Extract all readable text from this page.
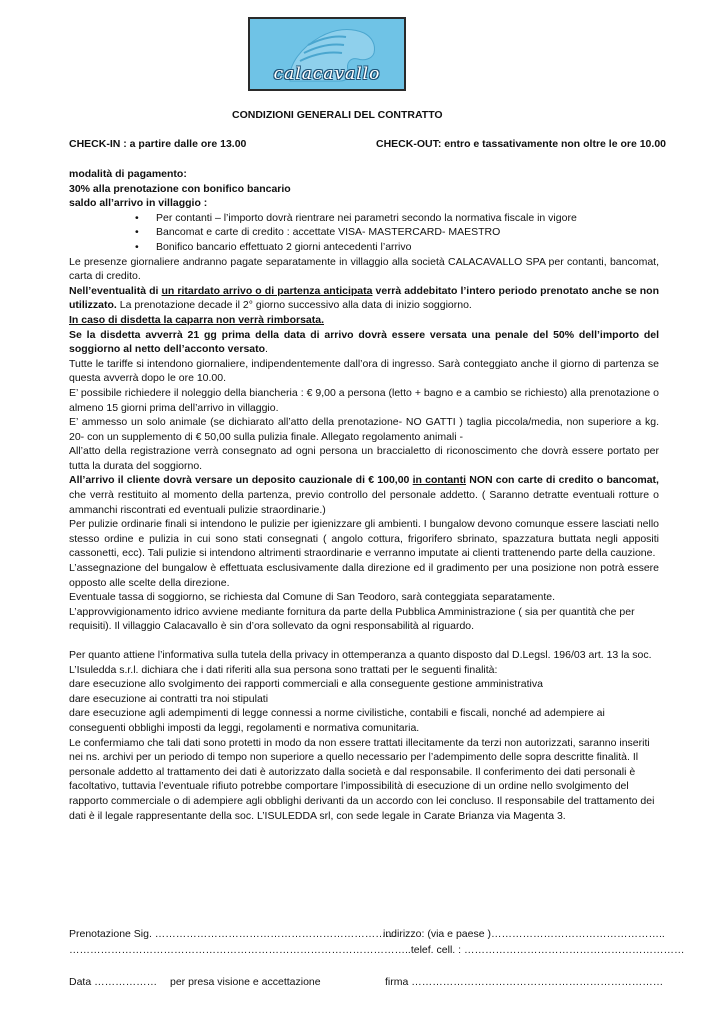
calacavallo
CONDIZIONI GENERALI DEL CONTRATTO
CHECK-IN : a partire dalle ore 13.00	CHECK-OUT: entro e tassativamente non oltre le ore 10.00

modalità di pagamento:

30% alla prenotazione con bonifico bancario

saldo all’arrivo in villaggio :

• Per contanti – l’importo dovrà rientrare nei parametri secondo la normativa fiscale in vigore
• Bancomat e carte di credito : accettate VISA- MASTERCARD- MAESTRO
• Bonifico bancario effettuato 2 giorni antecedenti l’arrivo

Le presenze giornaliere andranno pagate separatamente in villaggio alla società CALACAVALLO SPA per contanti, bancomat, carta di credito.

Nell’eventualità di un ritardato arrivo o di partenza anticipata verrà addebitato l’intero periodo prenotato anche se non utilizzato. La prenotazione decade il 2° giorno successivo alla data di inizio soggiorno.

In caso di disdetta la caparra non verrà rimborsata.

Se la disdetta avverrà 21 gg prima della data di arrivo dovrà essere versata una penale del 50% dell’importo del soggiorno al netto dell’acconto versato.

Tutte le tariffe si intendono giornaliere, indipendentemente dall’ora di ingresso. Sarà conteggiato anche il giorno di partenza se questa avverrà dopo le ore 10.00.

E’ possibile richiedere il noleggio della biancheria : € 9,00 a persona (letto + bagno e a cambio se richiesto) alla prenotazione o almeno 15 giorni prima dell’arrivo in villaggio.

E’ ammesso un solo animale (se dichiarato all’atto della prenotazione- NO GATTI ) taglia piccola/media, non superiore a kg. 20- con un supplemento di € 50,00 sulla pulizia finale. Allegato regolamento animali -

All’atto della registrazione verrà consegnato ad ogni persona un braccialetto di riconoscimento che dovrà essere portato per tutta la durata del soggiorno.

All’arrivo il cliente dovrà versare un deposito cauzionale di € 100,00 in contanti NON con carte di credito o bancomat, che verrà restituito al momento della partenza, previo controllo del personale addetto. ( Saranno detratte eventuali rotture o ammanchi riscontrati ed eventuali pulizie straordinarie.)

Per pulizie ordinarie finali si intendono le pulizie per igienizzare gli ambienti. I bungalow devono comunque essere lasciati nello stesso ordine e pulizia in cui sono stati consegnati ( angolo cottura, frigorifero sbrinato, spazzatura buttata negli appositi cassonetti, ecc). Tali pulizie si intendono altrimenti straordinarie e verranno imputate ai clienti trattenendo parte della cauzione.

L’assegnazione del bungalow è effettuata esclusivamente dalla direzione ed il gradimento per una posizione non potrà essere opposto alle scelte della direzione.

Eventuale tassa di soggiorno, se richiesta dal Comune di San Teodoro, sarà conteggiata separatamente.

L’approvvigionamento idrico avviene mediante fornitura da parte della Pubblica Amministrazione ( sia per quantità che per requisiti). Il villaggio Calacavallo è sin d’ora sollevato da ogni responsabilità al riguardo.

Per quanto attiene l’informativa sulla tutela della privacy in ottemperanza a quanto disposto dal D.Legsl. 196/03 art. 13 la soc.

L’Isuledda s.r.l. dichiara che i dati riferiti alla sua persona sono trattati per le seguenti finalità:

dare esecuzione allo svolgimento dei rapporti commerciali e alla conseguente gestione amministrativa

dare esecuzione ai contratti tra noi stipulati

dare esecuzione agli adempimenti di legge connessi a norme civilistiche, contabili e fiscali, nonché ad adempiere ai conseguenti obblighi imposti da leggi, regolamenti e normativa comunitaria.

Le confermiamo che tali dati sono protetti in modo da non essere trattati illecitamente da terzi non autorizzati, saranno inseriti nei ns. archivi per un periodo di tempo non superiore a quello necessario per l’adempimento delle sopra descritte finalità. Il personale addetto al trattamento dei dati è autorizzato dalla società e dal responsabile. Il conferimento dei dati personali è facoltativo, tuttavia l’eventuale rifiuto potrebbe comportare l’impossibilità di esecuzione di un ordine nello svolgimento del rapporto commerciale o di adempiere agli obblighi derivanti da un accordo con lei concluso. Il responsabile del trattamento dei dati è il legale rappresentante della soc. L’ISULEDDA srl, con sede legale in Carate Brianza via Magenta 3.

Prenotazione Sig. ……………………………………………………………
indirizzo: (via e paese )…………………………………………..
……………………………………………………………………………………..telef. cell. : ………………………………………………………
Data ……………… per presa visione e accettazione	firma ………………………………………………………………
